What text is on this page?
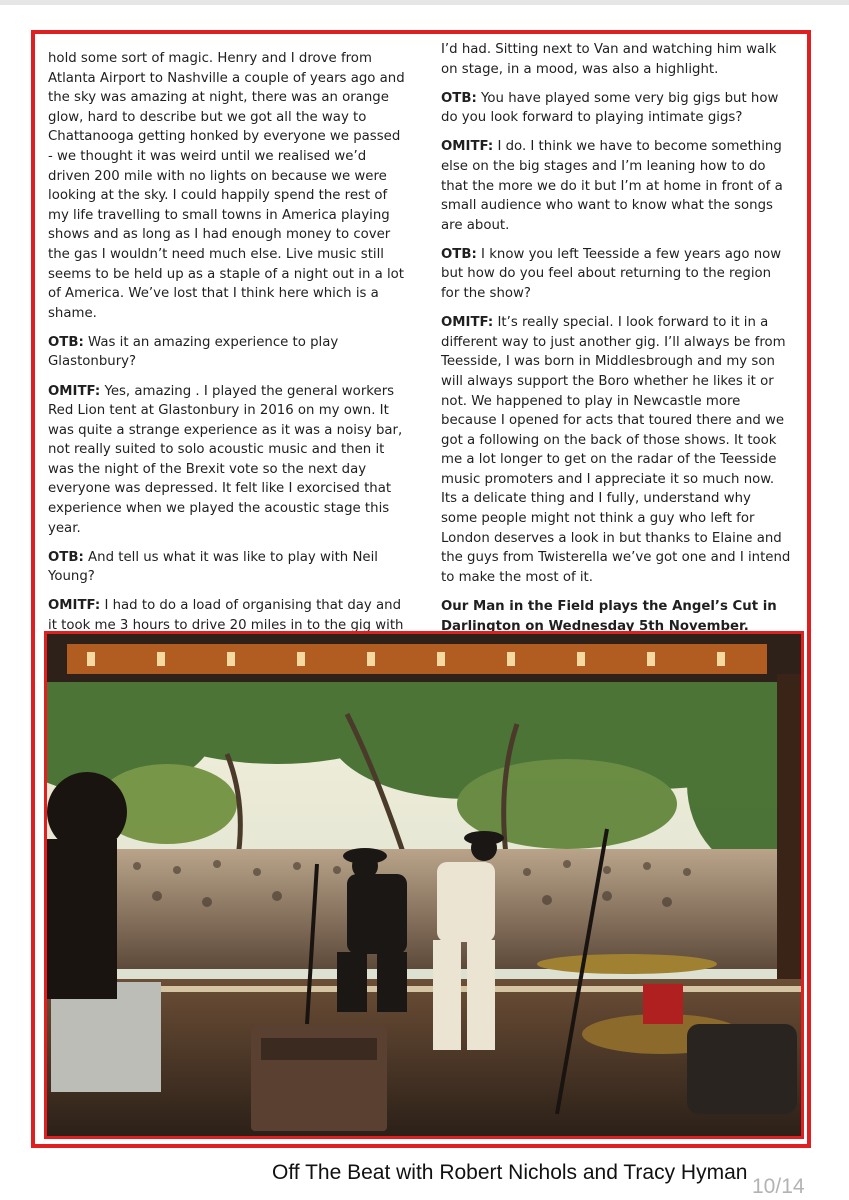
hold some sort of magic. Henry and I drove from Atlanta Airport to Nashville a couple of years ago and the sky was amazing at night, there was an orange glow, hard to describe but we got all the way to Chattanooga getting honked by everyone we passed - we thought it was weird until we realised we’d driven 200 mile with no lights on because we were looking at the sky. I could happily spend the rest of my life travelling to small towns in America playing shows and as long as I had enough money to cover the gas I wouldn’t need much else. Live music still seems to be held up as a staple of a night out in a lot of America. We’ve lost that I think here which is a shame.

OTB: Was it an amazing experience to play Glastonbury?

OMITF: Yes, amazing . I played the general workers Red Lion tent at Glastonbury in 2016 on my own. It was quite a strange experience as it was a noisy bar, not really suited to solo acoustic music and then it was the night of the Brexit vote so the next day everyone was depressed. It felt like I exorcised that experience when we played the acoustic stage this year.

OTB: And tell us what it was like to play with Neil Young?

OMITF: I had to do a load of organising that day and it took me 3 hours to drive 20 miles in to the gig with

I’d had. Sitting next to Van and watching him walk on stage, in a mood, was also a highlight.

OTB: You have played some very big gigs but how do you look forward to playing intimate gigs?

OMITF: I do. I think we have to become something else on the big stages and I’m leaning how to do that the more we do it but I’m at home in front of a small audience who want to know what the songs are about.

OTB: I know you left Teesside a few years ago now but how do you feel about returning to the region for the show?

OMITF: It’s really special. I look forward to it in a different way to just another gig. I’ll always be from Teesside, I was born in Middlesbrough and my son will always support the Boro whether he likes it or not. We happened to play in Newcastle more because I opened for acts that toured there and we got a following on the back of those shows. It took me a lot longer to get on the radar of the Teesside music promoters and I appreciate it so much now. Its a delicate thing and I fully, understand why some people might not think a guy who left for London deserves a look in but thanks to Elaine and the guys from Twisterella we’ve got one and I intend to make the most of it.

Our Man in the Field plays the Angel’s Cut in Darlington on Wednesday 5th November.

Off The Beat with Robert Nichols and Tracy Hyman
10/14
